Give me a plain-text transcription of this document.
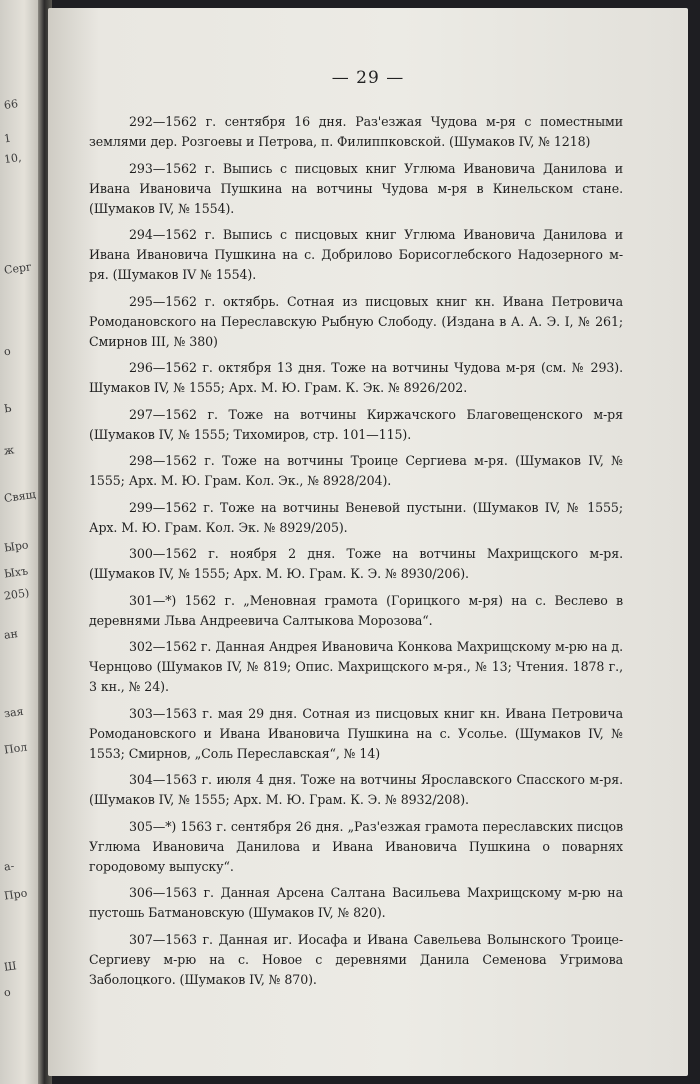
66
1
10,
Серг
о
Ь
ж
Свящ
Ыро
Ыхъ
205)
ан
зая
Пол
а-
Про
Ш
о
— 29 —

292—1562 г. сентября 16 дня. Раз'езжая Чудова м-ря с поместными землями дер. Розгоевы и Петрова, п. Филиппковской. (Шумаков IV, № 1218)

293—1562 г. Выпись с писцовых книг Углюма Ивановича Данилова и Ивана Ивановича Пушкина на вотчины Чудова м-ря в Кинельском стане. (Шумаков IV, № 1554).

294—1562 г. Выпись с писцовых книг Углюма Ивановича Данилова и Ивана Ивановича Пушкина на с. Добрилово Борисоглебского Надозерного м-ря. (Шумаков IV № 1554).

295—1562 г. октябрь. Сотная из писцовых книг кн. Ивана Петровича Ромодановского на Переславскую Рыбную Слободу. (Издана в А. А. Э. I, № 261; Смирнов III, № 380)

296—1562 г. октября 13 дня. Тоже на вотчины Чудова м-ря (см. № 293). Шумаков IV, № 1555; Арх. М. Ю. Грам. К. Эк. № 8926/202.

297—1562 г. Тоже на вотчины Киржачского Благовещенского м-ря (Шумаков IV, № 1555; Тихомиров, стр. 101—115).

298—1562 г. Тоже на вотчины Троице Сергиева м-ря. (Шумаков IV, № 1555; Арх. М. Ю. Грам. Кол. Эк., № 8928/204).

299—1562 г. Тоже на вотчины Веневой пустыни. (Шумаков IV, № 1555; Арх. М. Ю. Грам. Кол. Эк. № 8929/205).

300—1562 г. ноября 2 дня. Тоже на вотчины Махрищского м-ря. (Шумаков IV, № 1555; Арх. М. Ю. Грам. К. Э. № 8930/206).

301—*) 1562 г. „Меновная грамота (Горицкого м-ря) на с. Веслево в деревнями Льва Андреевича Салтыкова Морозова“.

302—1562 г. Данная Андрея Ивановича Конкова Махрищскому м-рю на д. Чернцово (Шумаков IV, № 819; Опис. Махрищского м-ря., № 13; Чтения. 1878 г., 3 кн., № 24).

303—1563 г. мая 29 дня. Сотная из писцовых книг кн. Ивана Петровича Ромодановского и Ивана Ивановича Пушкина на с. Усолье. (Шумаков IV, № 1553; Смирнов, „Соль Переславская“, № 14)

304—1563 г. июля 4 дня. Тоже на вотчины Ярославского Спасского м-ря. (Шумаков IV, № 1555; Арх. М. Ю. Грам. К. Э. № 8932/208).

305—*) 1563 г. сентября 26 дня. „Раз'езжая грамота переславских писцов Углюма Ивановича Данилова и Ивана Ивановича Пушкина о поварнях городовому выпуску“.

306—1563 г. Данная Арсена Салтана Васильева Махрищскому м-рю на пустошь Батмановскую (Шумаков IV, № 820).

307—1563 г. Данная иг. Иосафа и Ивана Савельева Волынского Троице-Сергиеву м-рю на с. Новое с деревнями Данила Семенова Угримова Заболоцкого. (Шумаков IV, № 870).
